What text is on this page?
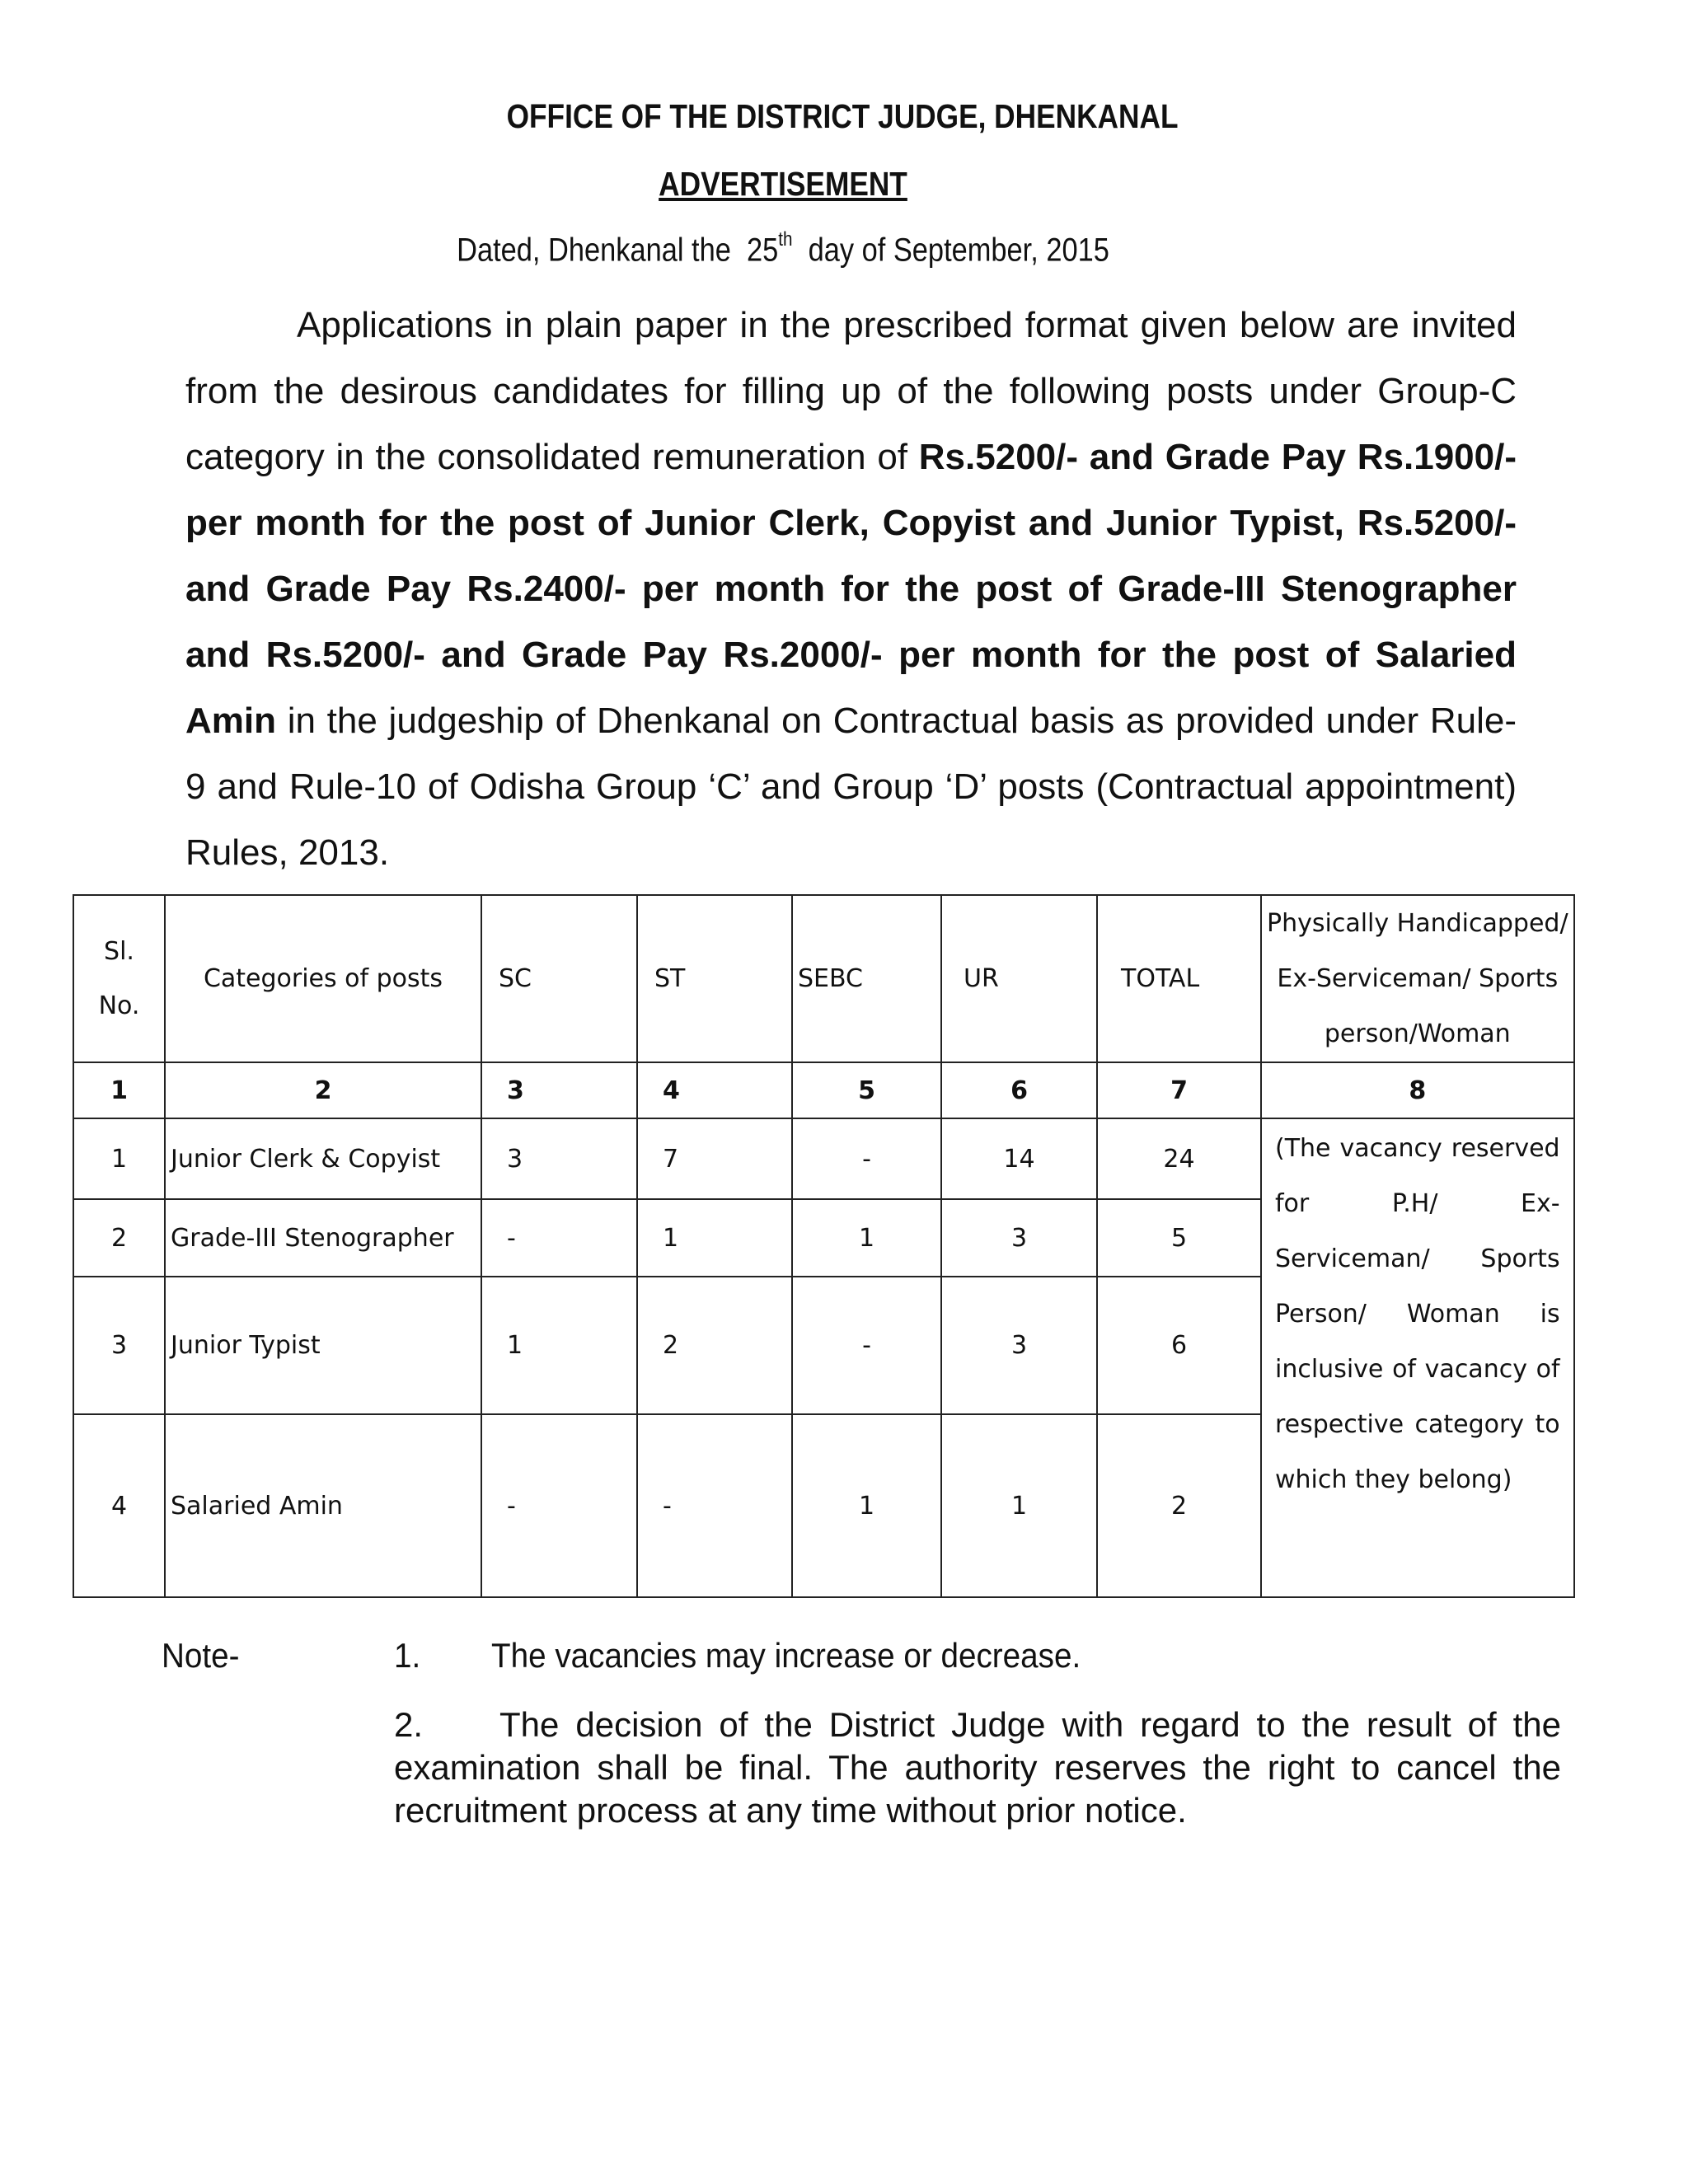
OFFICE OF THE DISTRICT JUDGE, DHENKANAL
ADVERTISEMENT
Dated, Dhenkanal the  25th  day of September, 2015

Applications in plain paper in the prescribed format given below are invited from the desirous candidates for filling up of the following posts under Group-C category in the consolidated remuneration of Rs.5200/- and Grade Pay Rs.1900/- per month for the post of Junior Clerk, Copyist and Junior Typist, Rs.5200/- and Grade Pay Rs.2400/- per month for the post of Grade-III Stenographer and Rs.5200/- and Grade Pay Rs.2000/- per month for the post of Salaried Amin in the judgeship of Dhenkanal on Contractual basis as provided under Rule-9 and Rule-10 of Odisha Group ‘C’ and Group ‘D’ posts (Contractual appointment) Rules, 2013.

Sl.
No.	Categories of posts	SC	ST	SEBC	UR	TOTAL	Physically Handicapped/
Ex-Serviceman/ Sports
person/Woman
1	2	3	4	5	6	7	8
1	Junior Clerk & Copyist	3	7	-	14	24	(The vacancy reserved for P.H/ Ex-Serviceman/ Sports Person/ Woman is inclusive of vacancy of respective category to
which they belong)

2	Grade-III Stenographer	-	1	1	3	5	
3	Junior Typist	1	2	-	3	6	
4	Salaried Amin	-	-	1	1	2	
Note-	1. The vacancies may increase or decrease.

2. The decision of the District Judge with regard to the result of the examination shall be final. The authority reserves the right to cancel the recruitment process at any time without prior notice.
